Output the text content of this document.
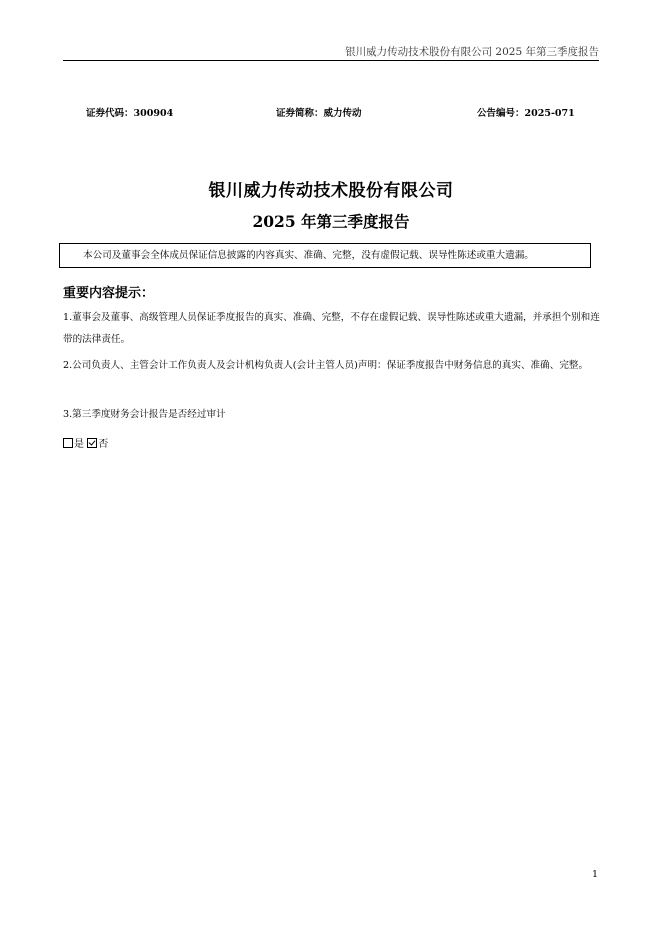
银川威力传动技术股份有限公司 2025 年第三季度报告
证券代码：300904	证券简称：威力传动	公告编号：2025-071
银川威力传动技术股份有限公司
2025 年第三季度报告
本公司及董事会全体成员保证信息披露的内容真实、准确、完整，没有虚假记载、误导性陈述或重大遗漏。
重要内容提示：
1.董事会及董事、高级管理人员保证季度报告的真实、准确、完整，不存在虚假记载、误导性陈述或重大遗漏，并承担个别和连带的法律责任。
2.公司负责人、主管会计工作负责人及会计机构负责人(会计主管人员)声明：保证季度报告中财务信息的真实、准确、完整。
3.第三季度财务会计报告是否经过审计
是 否
1
